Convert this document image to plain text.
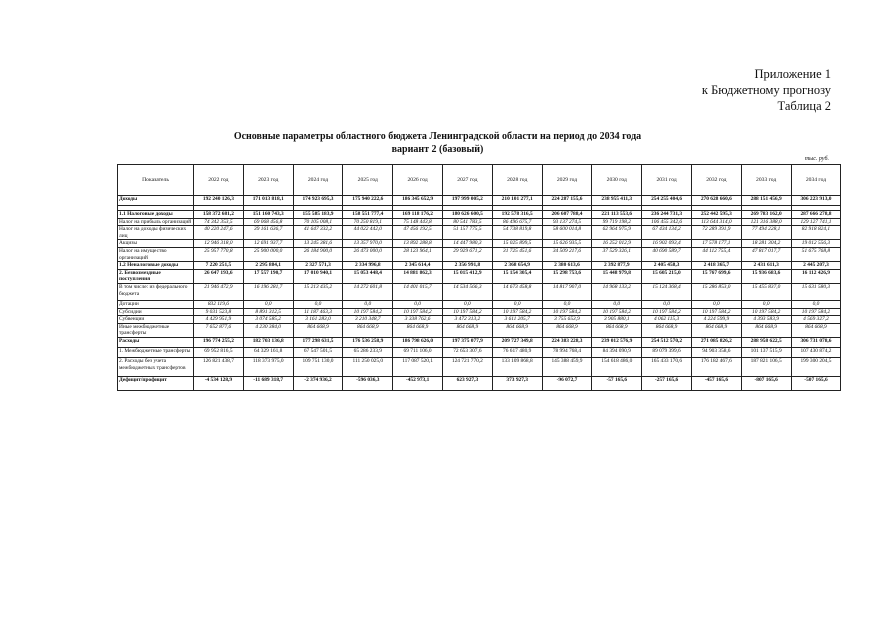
Приложение 1
к Бюджетному прогнозу
Таблица 2
Основные параметры областного бюджета Ленинградской области на период до 2034 года
вариант 2 (базовый)
тыс. руб.
Показатель	2022 год	2023 год	2024 год	2025 год	2026 год	2027 год	2028 год	2029 год	2030 год	2031 год	2032 год	2033 год	2034 год
Доходы	192 240 126,3	171 013 818,1	174 923 695,3	175 940 222,6	186 345 652,9	197 999 005,2	210 101 277,1	224 287 155,6	238 955 411,3	254 255 404,6	270 628 660,6	288 151 456,9	306 223 913,0

1.1 Налоговые доходы	158 372 681,2	151 160 743,3	155 585 183,9	158 551 777,4	169 118 176,2	180 626 600,5	192 578 316,5	206 607 788,4	221 113 553,6	236 244 731,3	252 442 595,3	269 783 162,0	287 666 278,8
Налог на прибыль организаций	74 342 353,5	69 068 456,8	70 105 008,1	70 250 819,1	75 148 443,8	80 541 783,5	86 496 675,7	93 137 274,5	99 719 198,2	106 455 342,6	113 644 314,0	121 316 388,0	129 127 741,1
Налог на доходы физических лиц	40 220 247,6	39 161 636,7	41 647 332,2	44 022 442,0	47 456 192,5	51 157 775,5	54 738 819,8	58 600 014,8	62 964 975,9	67 434 134,2	72 289 391,9	77 494 228,1	82 918 824,1
Акцизы	12 946 318,0	12 691 937,7	13 245 381,6	13 357 970,0	13 892 288,8	14 447 980,3	15 025 899,5	15 626 935,5	16 252 012,9	16 902 093,4	17 578 177,1	18 281 304,2	19 012 556,3
Налог на имущество организаций	25 957 770,8	25 900 000,0	26 184 900,0	26 473 000,0	28 123 964,1	29 929 671,2	31 725 451,6	34 509 217,6	37 529 326,1	40 690 589,7	44 112 755,4	47 817 017,7	51 675 768,8
1.2 Неналоговые доходы	7 220 251,5	2 295 884,1	2 327 571,3	2 334 996,8	2 345 614,4	2 356 991,8	2 368 654,9	2 380 613,6	2 392 877,9	2 405 458,3	2 418 365,7	2 431 611,3	2 445 207,3
2. Безвозмездные поступления	26 647 193,6	17 557 190,7	17 010 940,1	15 053 448,4	14 881 862,3	15 015 412,9	15 154 305,4	15 298 753,6	15 448 979,8	15 605 215,0	15 767 699,6	15 936 683,6	16 112 426,9
В том числе: из федерального бюджета	21 946 472,9	16 196 281,7	15 213 435,2	14 272 601,8	14 401 015,7	14 534 566,3	14 673 458,8	14 817 907,0	14 968 133,2	15 124 368,4	15 286 853,0	15 455 837,0	15 631 580,3
Дотации	832 119,6	0,0	0,0	0,0	0,0	0,0	0,0	0,0	0,0	0,0	0,0	0,0	0,0
Субсидии	9 031 523,8	8 891 312,5	11 187 463,3	10 197 584,2	10 197 584,2	10 197 584,2	10 197 584,2	10 197 584,2	10 197 584,2	10 197 584,2	10 197 584,2	10 197 584,2	10 197 584,2
Субвенции	4 429 951,9	3 074 585,2	3 161 283,0	3 210 348,7	3 338 762,6	3 472 313,2	3 611 205,7	3 755 653,9	3 905 880,1	4 062 115,3	4 224 599,9	4 393 583,9	4 569 327,2
Иные межбюджетные трансферты	7 652 877,6	4 230 384,0	864 668,9	864 668,9	864 668,9	864 668,9	864 668,9	864 668,9	864 668,9	864 668,9	864 668,9	864 668,9	864 668,9
Расходы	196 774 255,2	182 703 136,8	177 298 631,5	176 536 258,9	186 798 626,0	197 375 077,9	209 727 349,8	224 383 228,3	239 012 576,9	254 512 570,2	271 085 826,2	288 958 622,5	306 731 078,6
1. Межбюджетные трансферты	69 952 816,5	64 329 161,8	67 547 501,5	65 286 233,9	69 711 106,0	72 653 307,6	76 617 480,9	78 994 768,4	84 394 090,9	89 079 399,6	94 903 358,6	101 137 515,9	107 430 874,2
2. Расходы без учета межбюджетных трансфертов	126 821 438,7	118 373 975,0	109 751 130,0	111 250 025,0	117 087 520,1	124 721 770,2	133 109 868,8	145 388 459,9	154 618 486,0	165 433 170,6	176 182 467,6	187 821 106,5	199 300 204,5
Дефицит/профицит	-4 534 128,9	-11 689 318,7	-2 374 936,2	-596 036,3	-452 973,1	623 927,3	373 927,3	-96 072,7	-57 165,6	-257 165,6	-457 165,6	-807 165,6	-507 165,6
